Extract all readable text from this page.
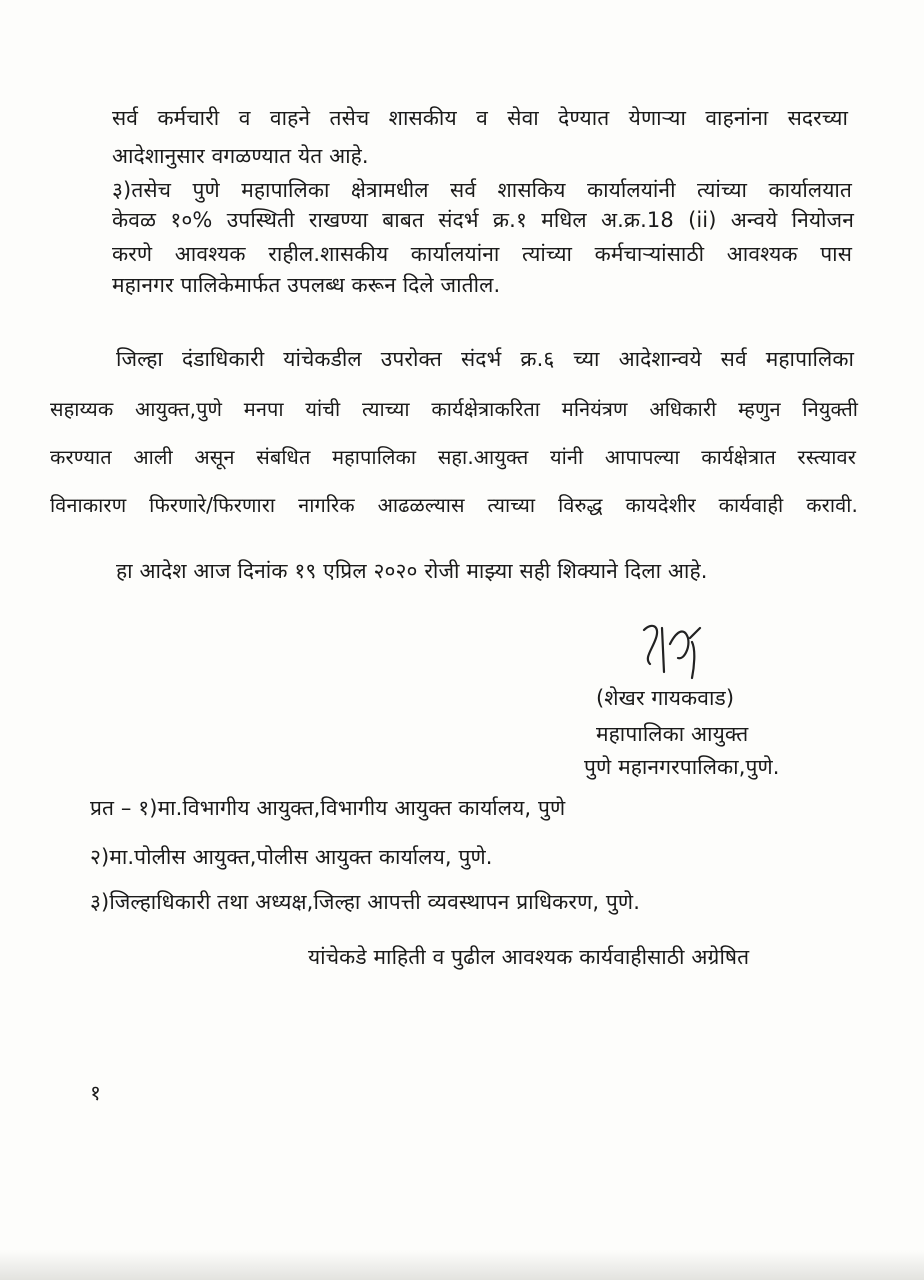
सर्व कर्मचारी व वाहने तसेच शासकीय व सेवा देण्यात येणाऱ्या वाहनांना सदरच्या
आदेशानुसार वगळण्यात येत आहे.
३)तसेच पुणे महापालिका क्षेत्रामधील सर्व शासकिय कार्यालयांनी त्यांच्या कार्यालयात
केवळ १०% उपस्थिती राखण्या बाबत संदर्भ क्र.१ मधिल अ.क्र.18 (ii) अन्वये नियोजन
करणे आवश्यक राहील.शासकीय कार्यालयांना त्यांच्या कर्मचाऱ्यांसाठी आवश्यक पास
महानगर पालिकेमार्फत उपलब्ध करून दिले जातील.
जिल्हा दंडाधिकारी यांचेकडील उपरोक्त संदर्भ क्र.६ च्या आदेशान्वये सर्व महापालिका
सहाय्यक आयुक्त,पुणे मनपा यांची त्याच्या कार्यक्षेत्राकरिता मनियंत्रण अधिकारी म्हणुन नियुक्ती
करण्यात आली असून संबधित महापालिका सहा.आयुक्त यांनी आपापल्या कार्यक्षेत्रात रस्त्यावर
विनाकारण फिरणारे/फिरणारा नागरिक आढळल्यास त्याच्या विरुद्ध कायदेशीर कार्यवाही करावी.
हा आदेश आज दिनांक १९ एप्रिल २०२० रोजी माझ्या सही शिक्याने दिला आहे.
(शेखर गायकवाड)
महापालिका आयुक्त
पुणे महानगरपालिका,पुणे.
प्रत – १)मा.विभागीय आयुक्त,विभागीय आयुक्त कार्यालय, पुणे
२)मा.पोलीस आयुक्त,पोलीस आयुक्त कार्यालय, पुणे.
३)जिल्हाधिकारी तथा अध्यक्ष,जिल्हा आपत्ती व्यवस्थापन प्राधिकरण, पुणे.
यांचेकडे माहिती व पुढील आवश्यक कार्यवाहीसाठी अग्रेषित
१
